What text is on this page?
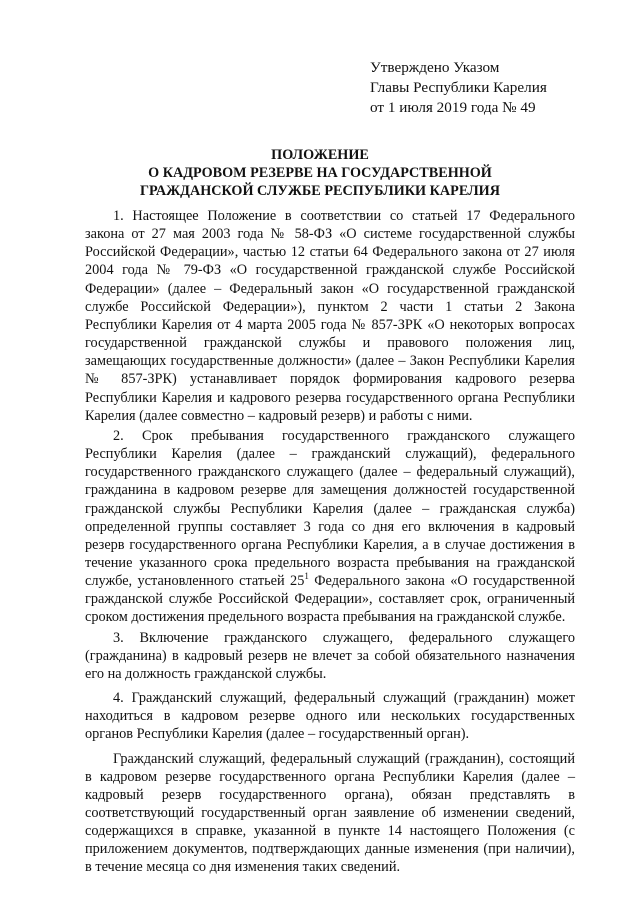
Утверждено Указом
Главы Республики Карелия
от 1 июля 2019 года № 49
ПОЛОЖЕНИЕ
О КАДРОВОМ РЕЗЕРВЕ НА ГОСУДАРСТВЕННОЙ
ГРАЖДАНСКОЙ СЛУЖБЕ РЕСПУБЛИКИ КАРЕЛИЯ

1. Настоящее Положение в соответствии со статьей 17 Федерального закона от 27 мая 2003 года № 58-ФЗ «О системе государственной службы Российской Федерации», частью 12 статьи 64 Федерального закона от 27 июля 2004 года № 79-ФЗ «О государственной гражданской службе Российской Федерации» (далее – Федеральный закон «О государственной гражданской службе Российской Федерации»), пунктом 2 части 1 статьи 2 Закона Республики Карелия от 4 марта 2005 года № 857-ЗРК «О некоторых вопросах государственной гражданской службы и правового положения лиц, замещающих государственные должности» (далее – Закон Республики Карелия № 857-ЗРК) устанавливает порядок формирования кадрового резерва Республики Карелия и кадрового резерва государственного органа Республики Карелия (далее совместно – кадровый резерв) и работы с ними.

2. Срок пребывания государственного гражданского служащего Республики Карелия (далее – гражданский служащий), федерального государственного гражданского служащего (далее – федеральный служащий), гражданина в кадровом резерве для замещения должностей государственной гражданской службы Республики Карелия (далее – гражданская служба) определенной группы составляет 3 года со дня его включения в кадровый резерв государственного органа Республики Карелия, а в случае достижения в течение указанного срока предельного возраста пребывания на гражданской службе, установленного статьей $25^1$ Федерального закона «О государственной гражданской службе Российской Федерации», составляет срок, ограниченный сроком достижения предельного возраста пребывания на гражданской службе.

3. Включение гражданского служащего, федерального служащего (гражданина) в кадровый резерв не влечет за собой обязательного назначения его на должность гражданской службы.

4. Гражданский служащий, федеральный служащий (гражданин) может находиться в кадровом резерве одного или нескольких государственных органов Республики Карелия (далее – государственный орган).

Гражданский служащий, федеральный служащий (гражданин), состоящий в кадровом резерве государственного органа Республики Карелия (далее – кадровый резерв государственного органа), обязан представлять в соответствующий государственный орган заявление об изменении сведений, содержащихся в справке, указанной в пункте 14 настоящего Положения (с приложением документов, подтверждающих данные изменения (при наличии), в течение месяца со дня изменения таких сведений.
